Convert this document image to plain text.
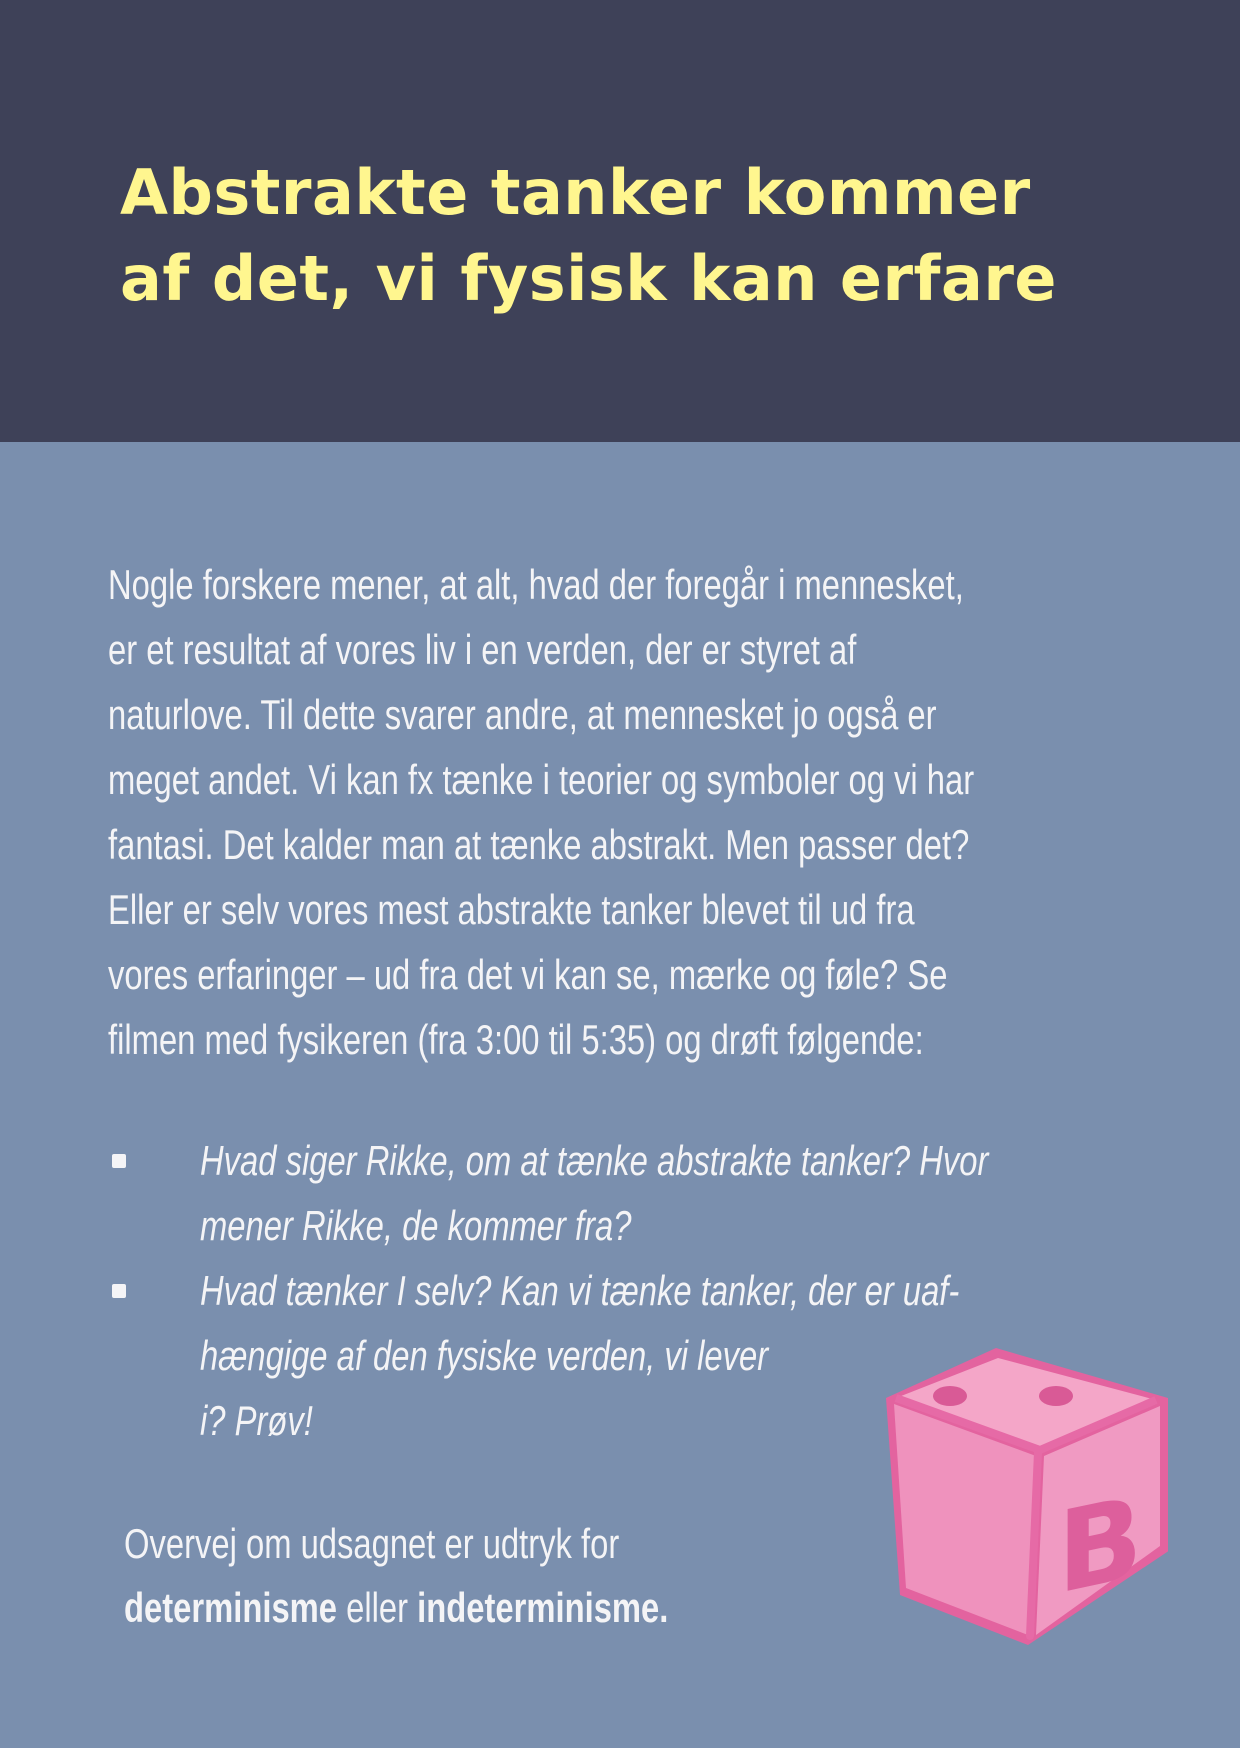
Abstrakte tanker kommer
af det, vi fysisk kan erfare

Nogle forskere mener, at alt, hvad der foregår i mennesket,
er et resultat af vores liv i en verden, der er styret af
naturlove. Til dette svarer andre, at mennesket jo også er
meget andet. Vi kan fx tænke i teorier og symboler og vi har
fantasi. Det kalder man at tænke abstrakt. Men passer det?
Eller er selv vores mest abstrakte tanker blevet til ud fra
vores erfaringer – ud fra det vi kan se, mærke og føle? Se
filmen med fysikeren (fra 3:00 til 5:35) og drøft følgende:

Hvad siger Rikke, om at tænke abstrakte tanker? Hvor
mener Rikke, de kommer fra?
Hvad tænker I selv? Kan vi tænke tanker, der er uaf-
hængige af den fysiske verden, vi lever
i? Prøv!

Overvej om udsagnet er udtryk for
determinisme eller indeterminisme.	B
